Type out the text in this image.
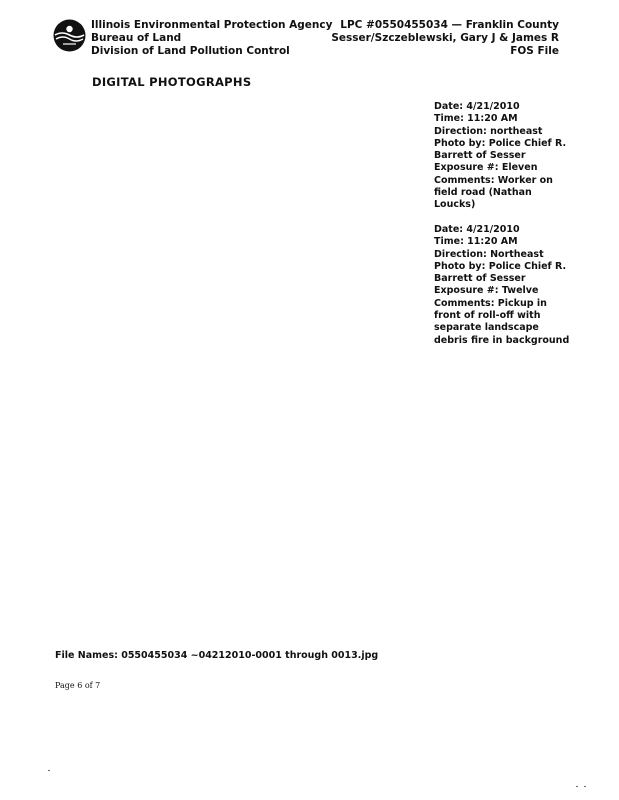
Illinois Environmental Protection Agency
Bureau of Land
Division of Land Pollution Control
LPC #0550455034 — Franklin County
Sesser/Szczeblewski, Gary J & James R
FOS File
DIGITAL PHOTOGRAPHS
Date: 4/21/2010
Time: 11:20 AM
Direction: northeast
Photo by: Police Chief R. Barrett of Sesser
Exposure #: Eleven
Comments: Worker on field road (Nathan Loucks)
Date: 4/21/2010
Time: 11:20 AM
Direction: Northeast
Photo by: Police Chief R. Barrett of Sesser
Exposure #: Twelve
Comments: Pickup in front of roll-off with separate landscape debris fire in background
File Names: 0550455034 ~04212010-0001 through 0013.jpg
Page 6 of 7
